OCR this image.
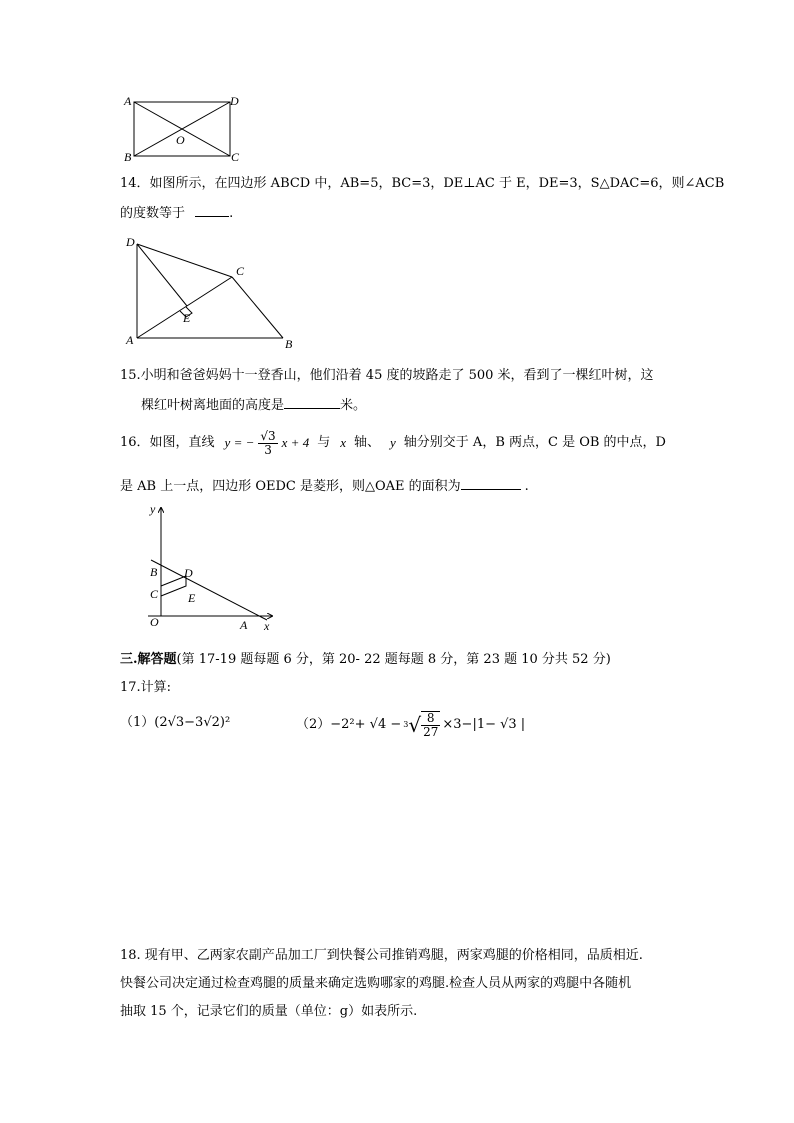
A	D
B	C
O
14．如图所示，在四边形 ABCD 中，AB=5，BC=3，DE⊥AC 于 E，DE=3，S△DAC=6，则∠ACB
的度数等于	.
D
C
E
A	B
15.小明和爸爸妈妈十一登香山，他们沿着 45 度的坡路走了 500 米，看到了一棵红叶树，这
棵红叶树离地面的高度是	米。
16．如图，直线 y = − $\frac{√3}{3}$ x + 4 与 x 轴、 y 轴分别交于 A，B 两点，C 是 OB 的中点，D
是 AB 上一点，四边形 OEDC 是菱形，则△OAE 的面积为	.
y
B D
C E
O	A x
三.解答题(第 17-19 题每题 6 分，第 20- 22 题每题 8 分，第 23 题 10 分共 52 分)
17.计算:
（1）(2√3−3√2)²	（2）−2²+ √4 − 3 √ $\frac{8}{27} \times 3-|1- √3$ |
18. 现有甲、乙两家农副产品加工厂到快餐公司推销鸡腿，两家鸡腿的价格相同，品质相近.
快餐公司决定通过检查鸡腿的质量来确定选购哪家的鸡腿.检查人员从两家的鸡腿中各随机
抽取 15 个，记录它们的质量（单位：g）如表所示.
